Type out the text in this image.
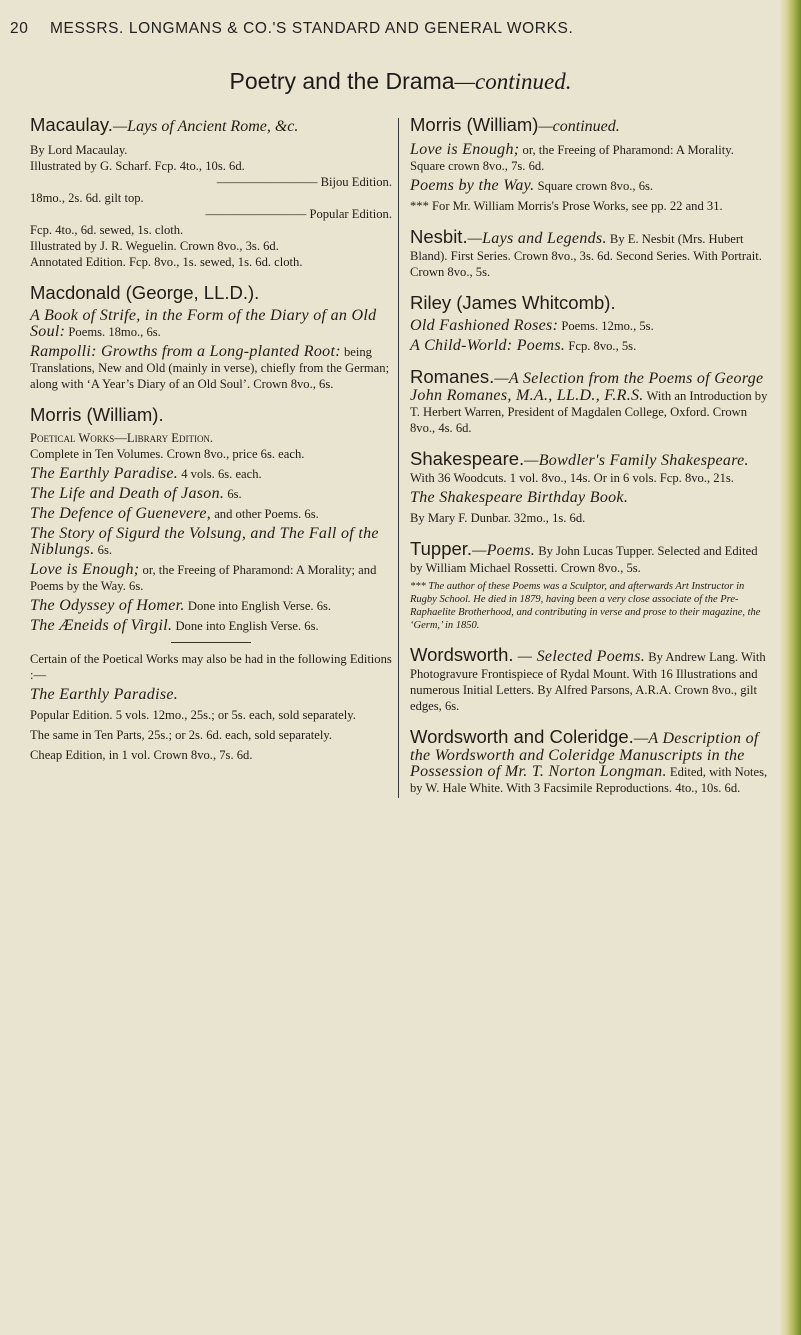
20 MESSRS. LONGMANS & CO.'S STANDARD AND GENERAL WORKS.
Poetry and the Drama—continued.
Macaulay.—Lays of Ancient Rome, &c.
By Lord Macaulay.
Illustrated by G. Scharf. Fcp. 4to., 10s. 6d.
———————— Bijou Edition.
18mo., 2s. 6d. gilt top.
———————— Popular Edition.
Fcp. 4to., 6d. sewed, 1s. cloth.
Illustrated by J. R. Weguelin. Crown 8vo., 3s. 6d.
Annotated Edition. Fcp. 8vo., 1s. sewed, 1s. 6d. cloth.
Macdonald (George, LL.D.).

A Book of Strife, in the Form of the Diary of an Old Soul: Poems. 18mo., 6s.

Rampolli: Growths from a Long-planted Root: being Translations, New and Old (mainly in verse), chiefly from the German; along with ‘A Year’s Diary of an Old Soul’. Crown 8vo., 6s.

Morris (William).
Poetical Works—Library Edition.

Complete in Ten Volumes. Crown 8vo., price 6s. each.

The Earthly Paradise. 4 vols. 6s. each.

The Life and Death of Jason. 6s.

The Defence of Guenevere, and other Poems. 6s.

The Story of Sigurd the Volsung, and The Fall of the Niblungs. 6s.

Love is Enough; or, the Freeing of Pharamond: A Morality; and Poems by the Way. 6s.

The Odyssey of Homer. Done into English Verse. 6s.

The Æneids of Virgil. Done into English Verse. 6s.

Certain of the Poetical Works may also be had in the following Editions :—

The Earthly Paradise.

Popular Edition. 5 vols. 12mo., 25s.; or 5s. each, sold separately.

The same in Ten Parts, 25s.; or 2s. 6d. each, sold separately.

Cheap Edition, in 1 vol. Crown 8vo., 7s. 6d.

Morris (William)—continued.

Love is Enough; or, the Freeing of Pharamond: A Morality. Square crown 8vo., 7s. 6d.

Poems by the Way. Square crown 8vo., 6s.

*** For Mr. William Morris's Prose Works, see pp. 22 and 31.

Nesbit.—Lays and Legends. By E. Nesbit (Mrs. Hubert Bland). First Series. Crown 8vo., 3s. 6d. Second Series. With Portrait. Crown 8vo., 5s.

Riley (James Whitcomb).

Old Fashioned Roses: Poems. 12mo., 5s.

A Child-World: Poems. Fcp. 8vo., 5s.

Romanes.—A Selection from the Poems of George John Romanes, M.A., LL.D., F.R.S. With an Introduction by T. Herbert Warren, President of Magdalen College, Oxford. Crown 8vo., 4s. 6d.

Shakespeare.—Bowdler's Family Shakespeare. With 36 Woodcuts. 1 vol. 8vo., 14s. Or in 6 vols. Fcp. 8vo., 21s.

The Shakespeare Birthday Book.

By Mary F. Dunbar. 32mo., 1s. 6d.

Tupper.—Poems. By John Lucas Tupper. Selected and Edited by William Michael Rossetti. Crown 8vo., 5s.

*** The author of these Poems was a Sculptor, and afterwards Art Instructor in Rugby School. He died in 1879, having been a very close associate of the Pre-Raphaelite Brotherhood, and contributing in verse and prose to their magazine, the ‘Germ,’ in 1850.

Wordsworth. — Selected Poems. By Andrew Lang. With Photogravure Frontispiece of Rydal Mount. With 16 Illustrations and numerous Initial Letters. By Alfred Parsons, A.R.A. Crown 8vo., gilt edges, 6s.

Wordsworth and Coleridge.—A Description of the Wordsworth and Coleridge Manuscripts in the Possession of Mr. T. Norton Longman. Edited, with Notes, by W. Hale White. With 3 Facsimile Reproductions. 4to., 10s. 6d.
